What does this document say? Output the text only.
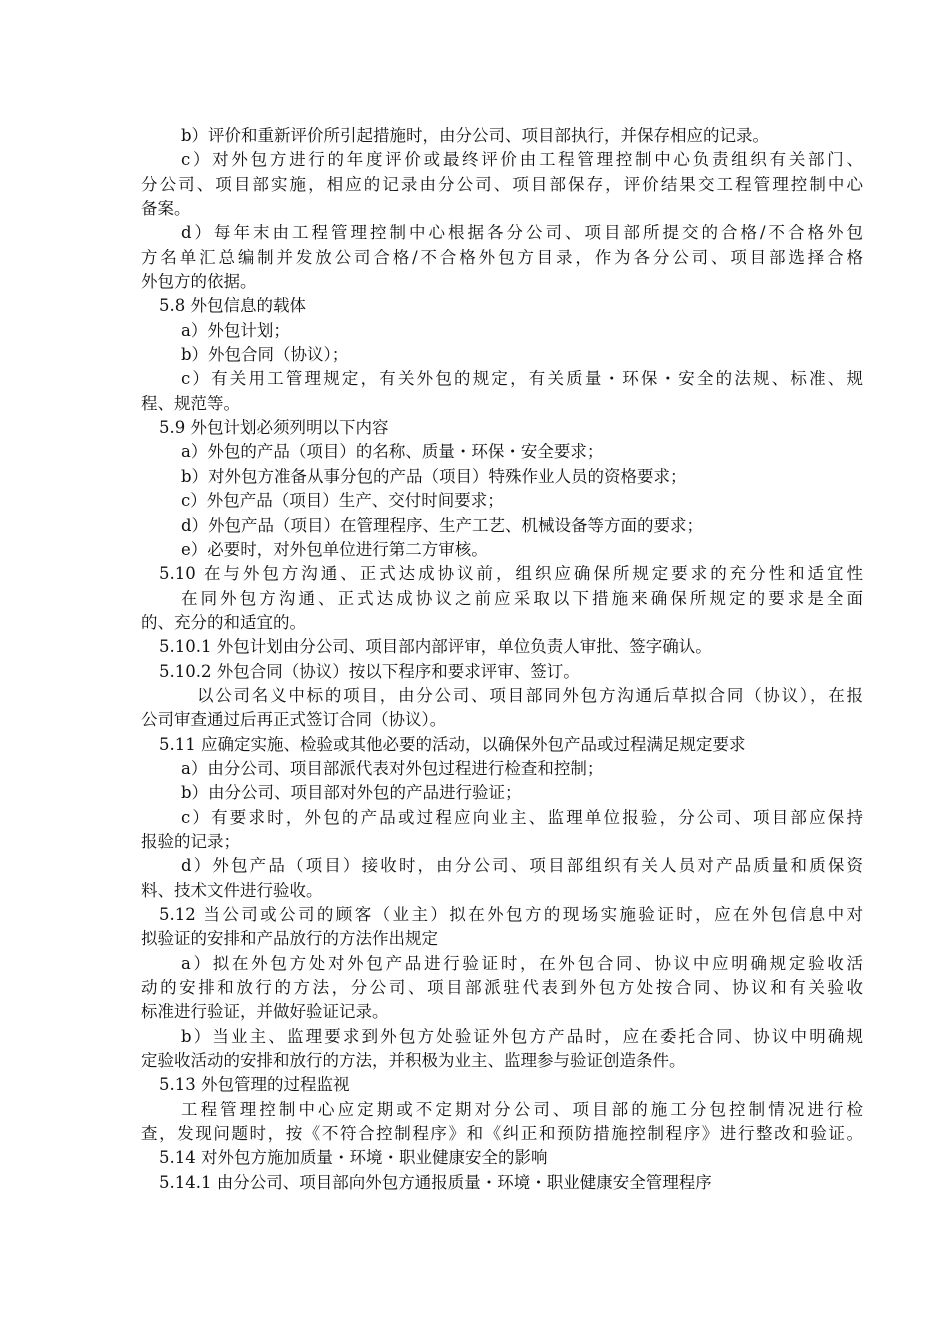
b）评价和重新评价所引起措施时，由分公司、项目部执行，并保存相应的记录。
c）对外包方进行的年度评价或最终评价由工程管理控制中心负责组织有关部门、
分公司、项目部实施，相应的记录由分公司、项目部保存，评价结果交工程管理控制中心
备案。
d）每年末由工程管理控制中心根据各分公司、项目部所提交的合格/不合格外包
方名单汇总编制并发放公司合格/不合格外包方目录，作为各分公司、项目部选择合格
外包方的依据。
5.8 外包信息的载体
a）外包计划；
b）外包合同（协议）；
c）有关用工管理规定，有关外包的规定，有关质量・环保・安全的法规、标准、规
程、规范等。
5.9 外包计划必须列明以下内容
a）外包的产品（项目）的名称、质量・环保・安全要求；
b）对外包方准备从事分包的产品（项目）特殊作业人员的资格要求；
c）外包产品（项目）生产、交付时间要求；
d）外包产品（项目）在管理程序、生产工艺、机械设备等方面的要求；
e）必要时，对外包单位进行第二方审核。
5.10 在与外包方沟通、正式达成协议前，组织应确保所规定要求的充分性和适宜性
在同外包方沟通、正式达成协议之前应采取以下措施来确保所规定的要求是全面
的、充分的和适宜的。
5.10.1 外包计划由分公司、项目部内部评审，单位负责人审批、签字确认。
5.10.2 外包合同（协议）按以下程序和要求评审、签订。
以公司名义中标的项目，由分公司、项目部同外包方沟通后草拟合同（协议），在报
公司审查通过后再正式签订合同（协议）。
5.11 应确定实施、检验或其他必要的活动，以确保外包产品或过程满足规定要求
a）由分公司、项目部派代表对外包过程进行检查和控制；
b）由分公司、项目部对外包的产品进行验证；
c）有要求时，外包的产品或过程应向业主、监理单位报验，分公司、项目部应保持
报验的记录；
d）外包产品（项目）接收时，由分公司、项目部组织有关人员对产品质量和质保资
料、技术文件进行验收。
5.12 当公司或公司的顾客（业主）拟在外包方的现场实施验证时，应在外包信息中对
拟验证的安排和产品放行的方法作出规定
a）拟在外包方处对外包产品进行验证时，在外包合同、协议中应明确规定验收活
动的安排和放行的方法，分公司、项目部派驻代表到外包方处按合同、协议和有关验收
标准进行验证，并做好验证记录。
b）当业主、监理要求到外包方处验证外包方产品时，应在委托合同、协议中明确规
定验收活动的安排和放行的方法，并积极为业主、监理参与验证创造条件。
5.13 外包管理的过程监视
工程管理控制中心应定期或不定期对分公司、项目部的施工分包控制情况进行检
查，发现问题时，按《不符合控制程序》和《纠正和预防措施控制程序》进行整改和验证。
5.14 对外包方施加质量・环境・职业健康安全的影响
5.14.1 由分公司、项目部向外包方通报质量・环境・职业健康安全管理程序
